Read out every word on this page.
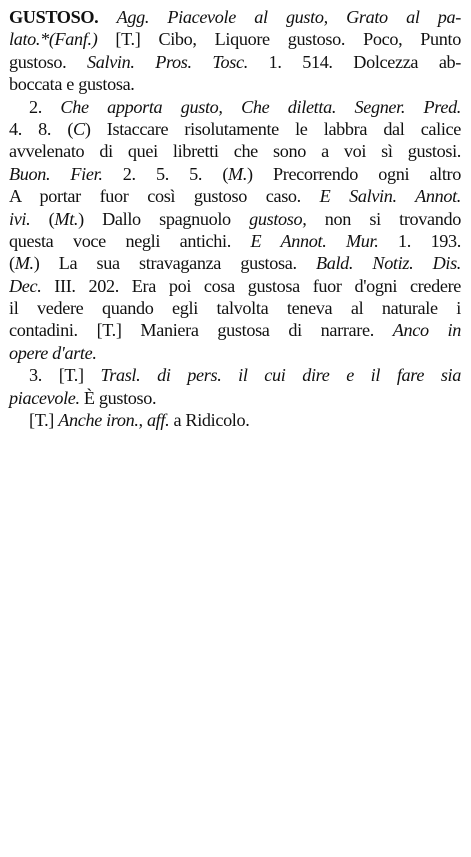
GUSTOSO. Agg. Piacevole al gusto, Grato al pa-
lato.*(Fanf.) [T.] Cibo, Liquore gustoso. Poco, Punto
gustoso. Salvin. Pros. Tosc. 1. 514. Dolcezza ab-
boccata e gustosa.
2. Che apporta gusto, Che diletta. Segner. Pred.
4. 8. (C) Istaccare risolutamente le labbra dal calice
avvelenato di quei libretti che sono a voi sì gustosi.
Buon. Fier. 2. 5. 5. (M.) Precorrendo ogni altro
A portar fuor così gustoso caso. E Salvin. Annot.
ivi. (Mt.) Dallo spagnuolo gustoso, non si trovando
questa voce negli antichi. E Annot. Mur. 1. 193.
(M.) La sua stravaganza gustosa. Bald. Notiz. Dis.
Dec. III. 202. Era poi cosa gustosa fuor d'ogni credere
il vedere quando egli talvolta teneva al naturale i
contadini. [T.] Maniera gustosa di narrare. Anco in
opere d'arte.
3. [T.] Trasl. di pers. il cui dire e il fare sia
piacevole. È gustoso.
[T.] Anche iron., aff. a Ridicolo.
